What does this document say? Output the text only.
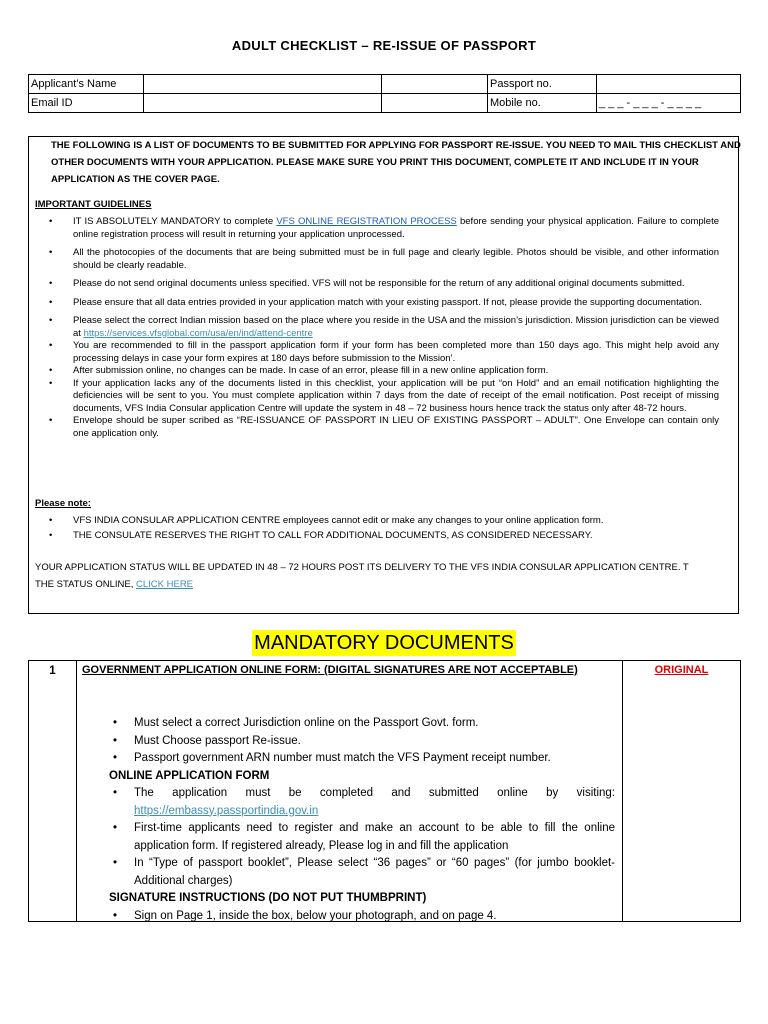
ADULT CHECKLIST – RE-ISSUE OF PASSPORT
Applicant’s Name			Passport no.	
Email ID			Mobile no.	_ _ _ - _ _ _ - _ _ _ _
THE FOLLOWING IS A LIST OF DOCUMENTS TO BE SUBMITTED FOR APPLYING FOR PASSPORT RE-ISSUE. YOU NEED TO MAIL THIS CHECKLIST AND OTHER DOCUMENTS WITH YOUR APPLICATION. PLEASE MAKE SURE YOU PRINT THIS DOCUMENT, COMPLETE IT AND INCLUDE IT IN YOUR APPLICATION AS THE COVER PAGE.
IMPORTANT GUIDELINES
• IT IS ABSOLUTELY MANDATORY to complete VFS ONLINE REGISTRATION PROCESS before sending your physical application. Failure to complete online registration process will result in returning your application unprocessed.
• All the photocopies of the documents that are being submitted must be in full page and clearly legible. Photos should be visible, and other information should be clearly readable.
• Please do not send original documents unless specified. VFS will not be responsible for the return of any additional original documents submitted.
• Please ensure that all data entries provided in your application match with your existing passport. If not, please provide the supporting documentation.
• Please select the correct Indian mission based on the place where you reside in the USA and the mission’s jurisdiction. Mission jurisdiction can be viewed at https://services.vfsglobal.com/usa/en/ind/attend-centre
• You are recommended to fill in the passport application form if your form has been completed more than 150 days ago. This might help avoid any processing delays in case your form expires at 180 days before submission to the Mission’.
• After submission online, no changes can be made. In case of an error, please fill in a new online application form.
• If your application lacks any of the documents listed in this checklist, your application will be put “on Hold” and an email notification highlighting the deficiencies will be sent to you. You must complete application within 7 days from the date of receipt of the email notification. Post receipt of missing documents, VFS India Consular application Centre will update the system in 48 – 72 business hours hence track the status only after 48-72 hours.
• Envelope should be super scribed as “RE-ISSUANCE OF PASSPORT IN LIEU OF EXISTING PASSPORT – ADULT”. One Envelope can contain only one application only.
Please note:
• VFS INDIA CONSULAR APPLICATION CENTRE employees cannot edit or make any changes to your online application form.
• THE CONSULATE RESERVES THE RIGHT TO CALL FOR ADDITIONAL DOCUMENTS, AS CONSIDERED NECESSARY.
YOUR APPLICATION STATUS WILL BE UPDATED IN 48 – 72 HOURS POST ITS DELIVERY TO THE VFS INDIA CONSULAR APPLICATION CENTRE. T
THE STATUS ONLINE, CLICK HERE
MANDATORY DOCUMENTS
1	GOVERNMENT APPLICATION ONLINE FORM: (DIGITAL SIGNATURES ARE NOT ACCEPTABLE)
• Must select a correct Jurisdiction online on the Passport Govt. form.
• Must Choose passport Re-issue.
• Passport government ARN number must match the VFS Payment receipt number.
ONLINE APPLICATION FORM
• The application must be completed and submitted online by visiting: https://embassy.passportindia.gov.in
• First-time applicants need to register and make an account to be able to fill the online application form. If registered already, Please log in and fill the application
• In “Type of passport booklet”, Please select “36 pages” or “60 pages” (for jumbo booklet- Additional charges)
SIGNATURE INSTRUCTIONS (DO NOT PUT THUMBPRINT)
• Sign on Page 1, inside the box, below your photograph, and on page 4.
ORIGINAL
